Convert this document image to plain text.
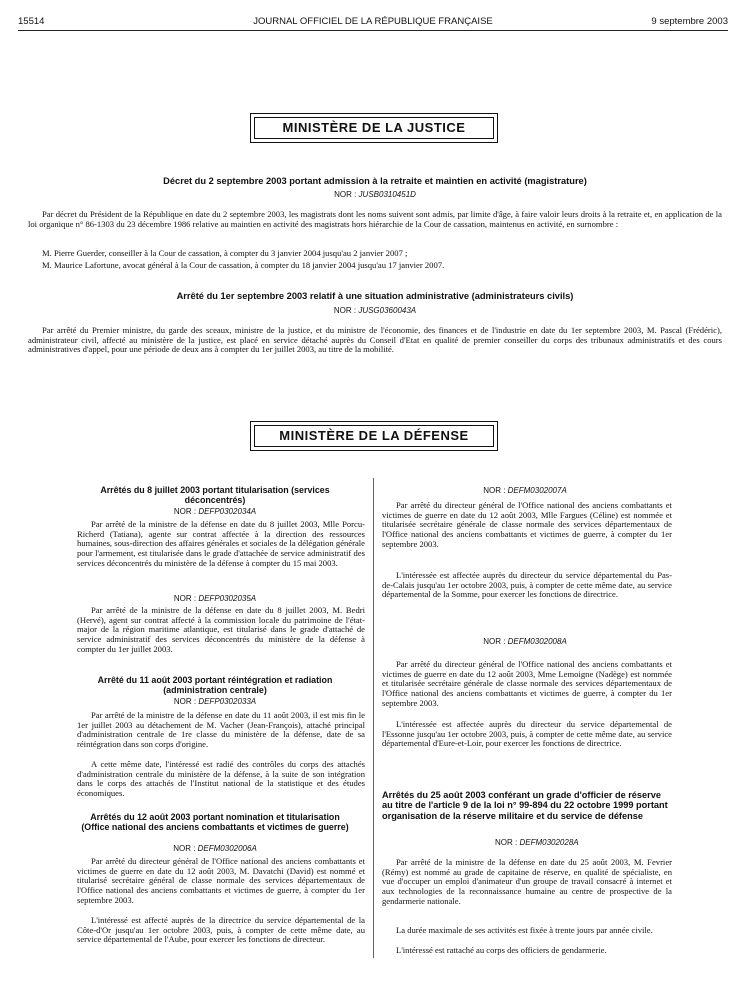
15514	JOURNAL OFFICIEL DE LA RÉPUBLIQUE FRANÇAISE	9 septembre 2003
MINISTÈRE DE LA JUSTICE
Décret du 2 septembre 2003 portant admission à la retraite et maintien en activité (magistrature)
NOR : JUSB0310451D
Par décret du Président de la République en date du 2 septembre 2003, les magistrats dont les noms suivent sont admis, par limite d'âge, à faire valoir leurs droits à la retraite et, en application de la loi organique n° 86-1303 du 23 décembre 1986 relative au maintien en activité des magistrats hors hiérarchie de la Cour de cassation, maintenus en activité, en surnombre :
M. Pierre Guerder, conseiller à la Cour de cassation, à compter du 3 janvier 2004 jusqu'au 2 janvier 2007 ;
M. Maurice Lafortune, avocat général à la Cour de cassation, à compter du 18 janvier 2004 jusqu'au 17 janvier 2007.
Arrêté du 1er septembre 2003 relatif à une situation administrative (administrateurs civils)
NOR : JUSG0360043A
Par arrêté du Premier ministre, du garde des sceaux, ministre de la justice, et du ministre de l'économie, des finances et de l'industrie en date du 1er septembre 2003, M. Pascal (Frédéric), administrateur civil, affecté au ministère de la justice, est placé en service détaché auprès du Conseil d'Etat en qualité de premier conseiller du corps des tribunaux administratifs et des cours administratives d'appel, pour une période de deux ans à compter du 1er juillet 2003, au titre de la mobilité.
MINISTÈRE DE LA DÉFENSE
Arrêtés du 8 juillet 2003 portant titularisation (services déconcentrés)
NOR : DEFP0302034A
Par arrêté de la ministre de la défense en date du 8 juillet 2003, Mlle Porcu-Richerd (Tatiana), agente sur contrat affectée à la direction des ressources humaines, sous-direction des affaires générales et sociales de la délégation générale pour l'armement, est titularisée dans le grade d'attachée de service administratif des services déconcentrés du ministère de la défense à compter du 15 mai 2003.
NOR : DEFP0302035A
Par arrêté de la ministre de la défense en date du 8 juillet 2003, M. Bedri (Hervé), agent sur contrat affecté à la commission locale du patrimoine de l'état-major de la région maritime atlantique, est titularisé dans le grade d'attaché de service administratif des services déconcentrés du ministère de la défense à compter du 1er juillet 2003.
Arrêté du 11 août 2003 portant réintégration et radiation (administration centrale)
NOR : DEFP0302033A
Par arrêté de la ministre de la défense en date du 11 août 2003, il est mis fin le 1er juillet 2003 au détachement de M. Vacher (Jean-François), attaché principal d'administration centrale de 1re classe du ministère de la défense, date de sa réintégration dans son corps d'origine.
A cette même date, l'intéressé est radié des contrôles du corps des attachés d'administration centrale du ministère de la défense, à la suite de son intégration dans le corps des attachés de l'Institut national de la statistique et des études économiques.
Arrêtés du 12 août 2003 portant nomination et titularisation (Office national des anciens combattants et victimes de guerre)
NOR : DEFM0302006A
Par arrêté du directeur général de l'Office national des anciens combattants et victimes de guerre en date du 12 août 2003, M. Davatchi (David) est nommé et titularisé secrétaire général de classe normale des services départementaux de l'Office national des anciens combattants et victimes de guerre, à compter du 1er septembre 2003.
L'intéressé est affecté auprès de la directrice du service départemental de la Côte-d'Or jusqu'au 1er octobre 2003, puis, à compter de cette même date, au service départemental de l'Aube, pour exercer les fonctions de directeur.
NOR : DEFM0302007A
Par arrêté du directeur général de l'Office national des anciens combattants et victimes de guerre en date du 12 août 2003, Mlle Fargues (Céline) est nommée et titularisée secrétaire générale de classe normale des services départementaux de l'Office national des anciens combattants et victimes de guerre, à compter du 1er septembre 2003.
L'intéressée est affectée auprès du directeur du service départemental du Pas-de-Calais jusqu'au 1er octobre 2003, puis, à compter de cette même date, au service départemental de la Somme, pour exercer les fonctions de directrice.
NOR : DEFM0302008A
Par arrêté du directeur général de l'Office national des anciens combattants et victimes de guerre en date du 12 août 2003, Mme Lemoigne (Nadège) est nommée et titularisée secrétaire générale de classe normale des services départementaux de l'Office national des anciens combattants et victimes de guerre, à compter du 1er septembre 2003.
L'intéressée est affectée auprès du directeur du service départemental de l'Essonne jusqu'au 1er octobre 2003, puis, à compter de cette même date, au service départemental d'Eure-et-Loir, pour exercer les fonctions de directrice.
Arrêtés du 25 août 2003 conférant un grade d'officier de réserve au titre de l'article 9 de la loi n° 99-894 du 22 octobre 1999 portant organisation de la réserve militaire et du service de défense
NOR : DEFM0302028A
Par arrêté de la ministre de la défense en date du 25 août 2003, M. Fevrier (Rémy) est nommé au grade de capitaine de réserve, en qualité de spécialiste, en vue d'occuper un emploi d'animateur d'un groupe de travail consacré à internet et aux technologies de la reconnaissance humaine au centre de prospective de la gendarmerie nationale.
La durée maximale de ses activités est fixée à trente jours par année civile.
L'intéressé est rattaché au corps des officiers de gendarmerie.
